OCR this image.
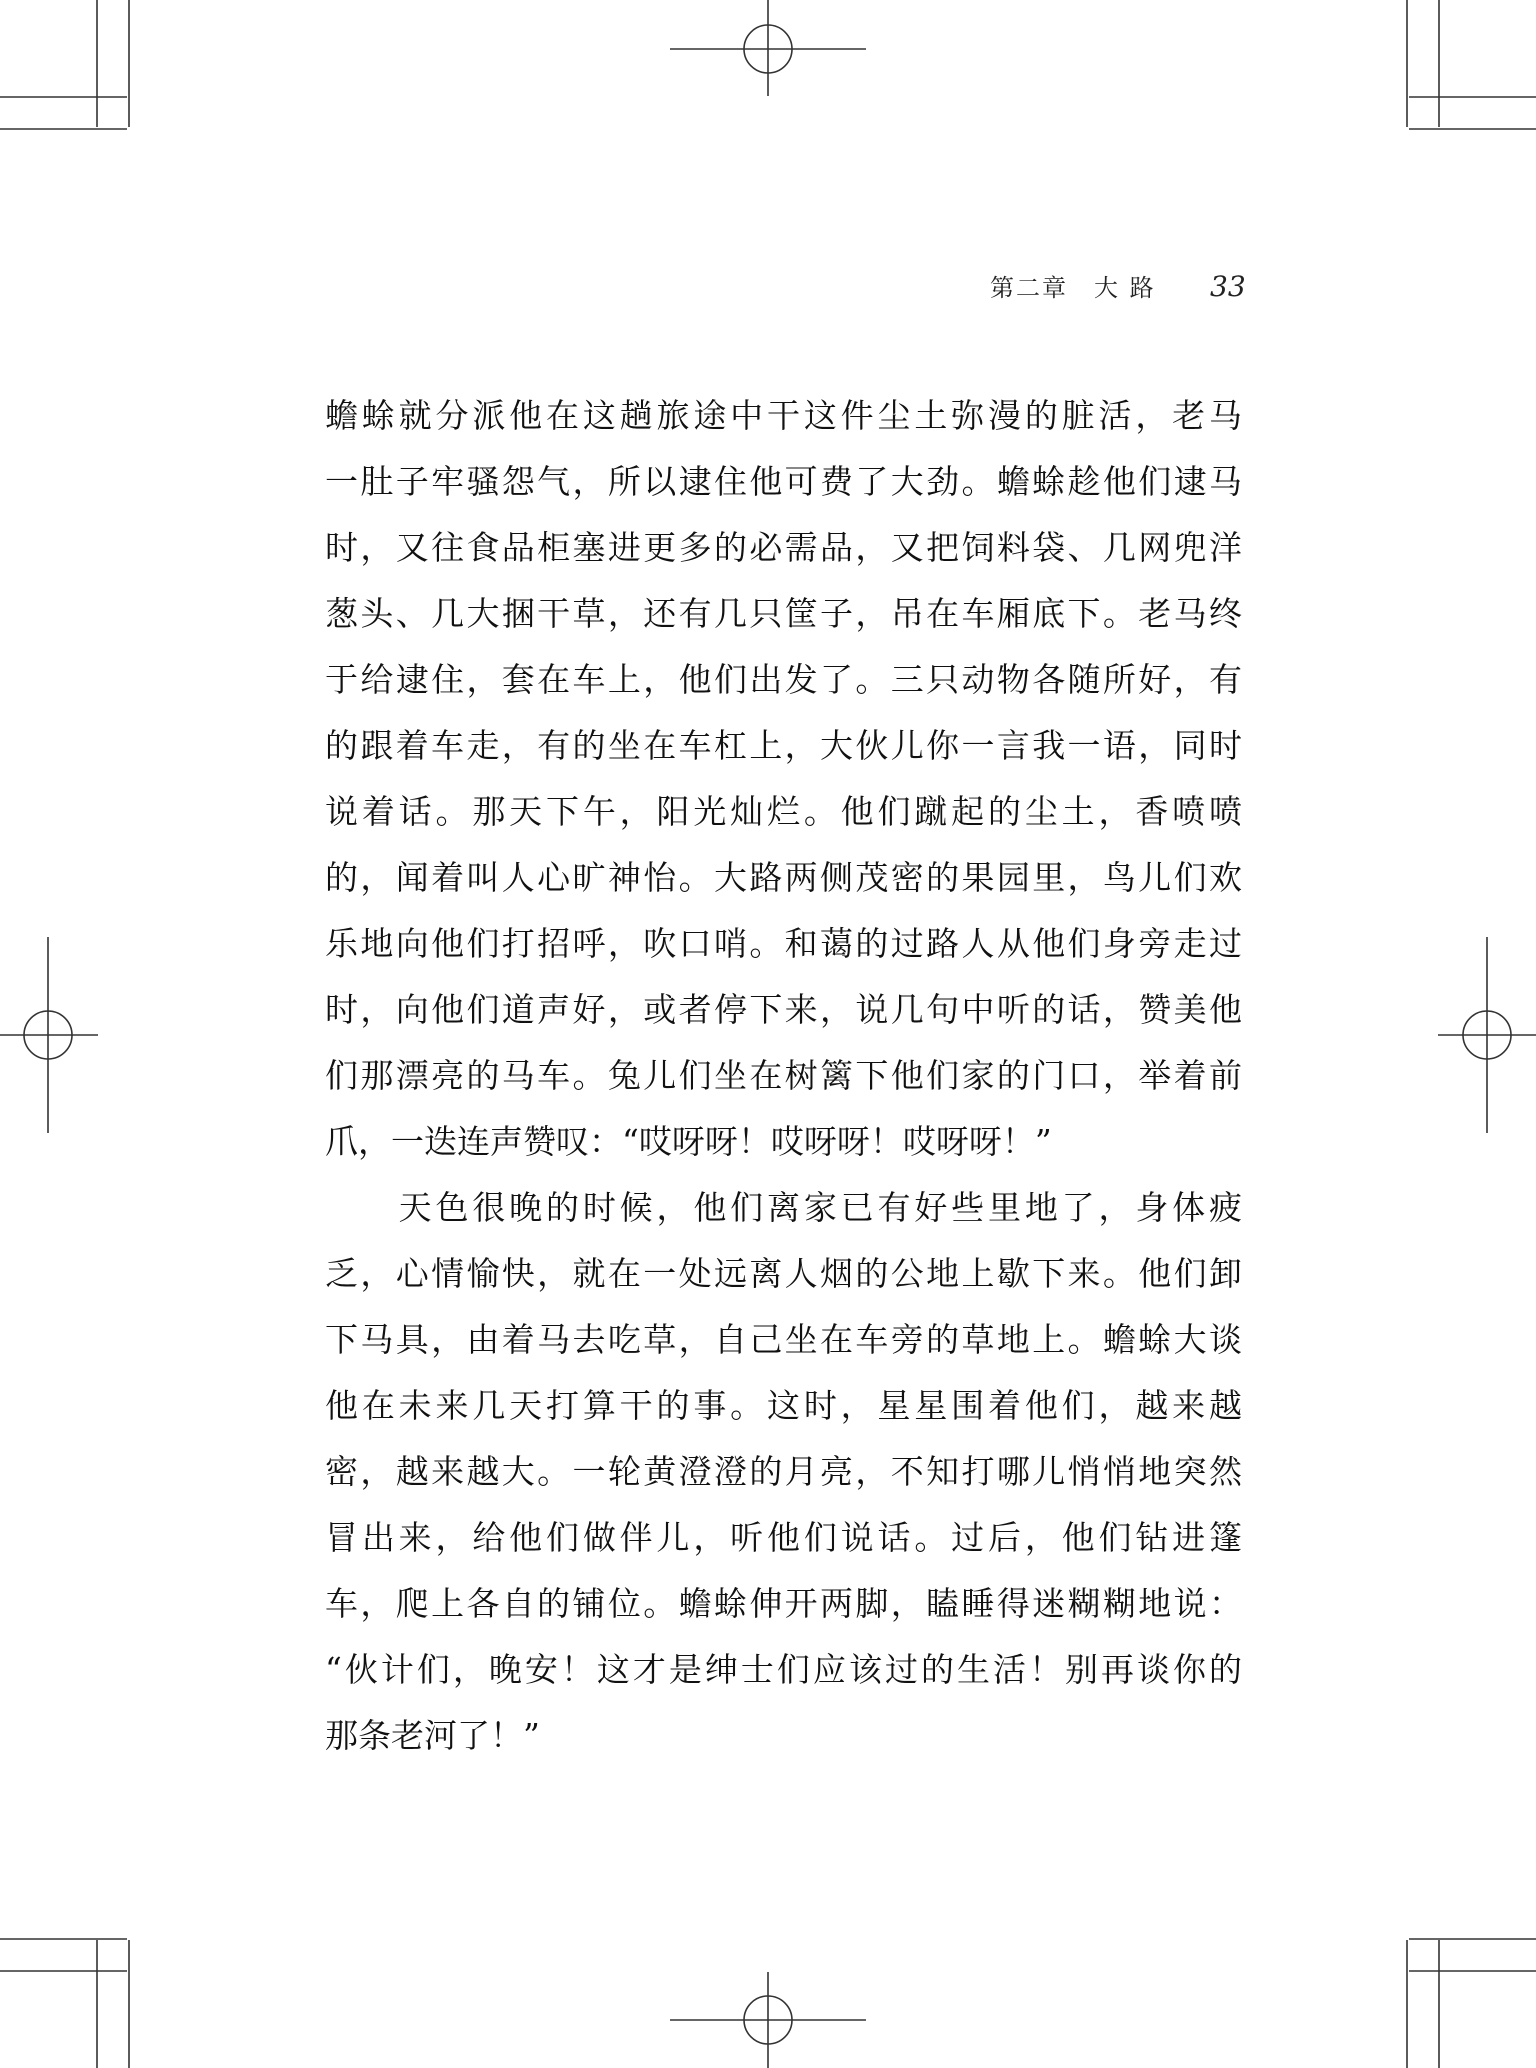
第二章 大 路 33
蟾蜍就分派他在这趟旅途中干这件尘土弥漫的脏活，老马
一肚子牢骚怨气，所以逮住他可费了大劲。蟾蜍趁他们逮马
时，又往食品柜塞进更多的必需品，又把饲料袋、几网兜洋
葱头、几大捆干草，还有几只筐子，吊在车厢底下。老马终
于给逮住，套在车上，他们出发了。三只动物各随所好，有
的跟着车走，有的坐在车杠上，大伙儿你一言我一语，同时
说着话。那天下午，阳光灿烂。他们蹴起的尘土，香喷喷
的，闻着叫人心旷神怡。大路两侧茂密的果园里，鸟儿们欢
乐地向他们打招呼，吹口哨。和蔼的过路人从他们身旁走过
时，向他们道声好，或者停下来，说几句中听的话，赞美他
们那漂亮的马车。兔儿们坐在树篱下他们家的门口，举着前
爪，一迭连声赞叹：“哎呀呀！哎呀呀！哎呀呀！”
　　天色很晚的时候，他们离家已有好些里地了，身体疲
乏，心情愉快，就在一处远离人烟的公地上歇下来。他们卸
下马具，由着马去吃草，自己坐在车旁的草地上。蟾蜍大谈
他在未来几天打算干的事。这时，星星围着他们，越来越
密，越来越大。一轮黄澄澄的月亮，不知打哪儿悄悄地突然
冒出来，给他们做伴儿，听他们说话。过后，他们钻进篷
车，爬上各自的铺位。蟾蜍伸开两脚，瞌睡得迷糊糊地说：
“伙计们，晚安！这才是绅士们应该过的生活！别再谈你的
那条老河了！”
